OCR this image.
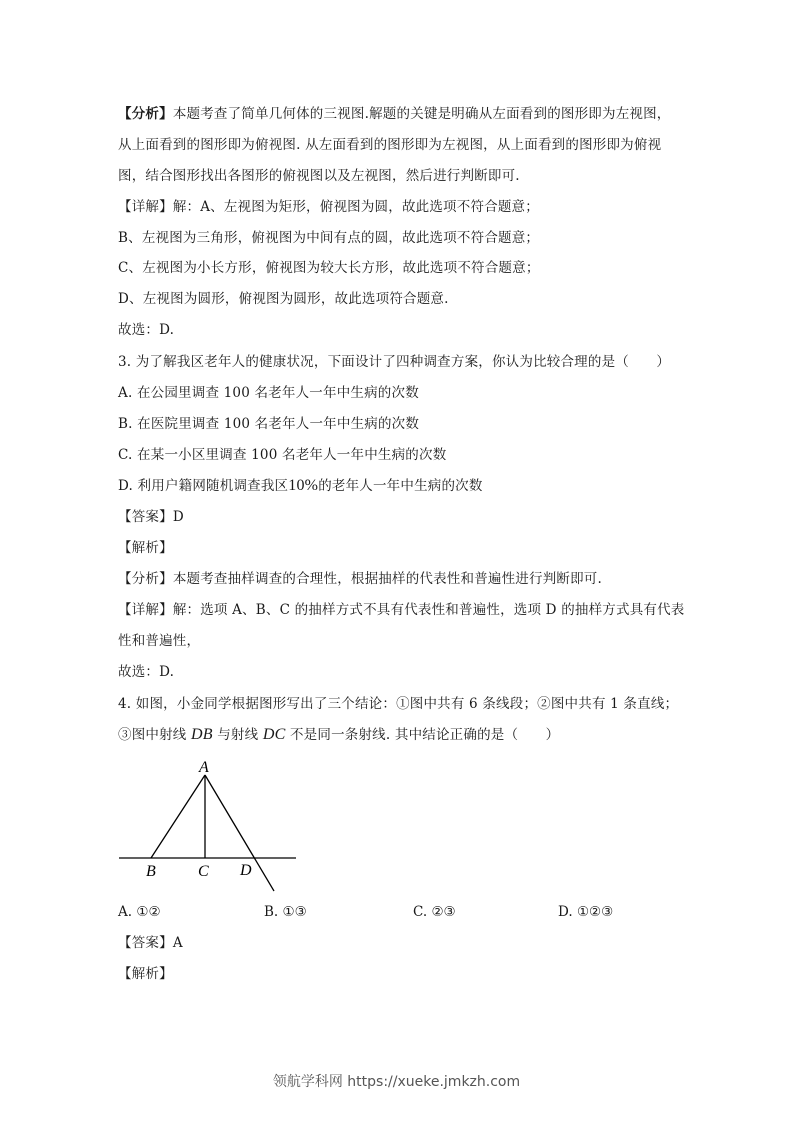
【分析】本题考查了简单几何体的三视图.解题的关键是明确从左面看到的图形即为左视图，
从上面看到的图形即为俯视图. 从左面看到的图形即为左视图，从上面看到的图形即为俯视
图，结合图形找出各图形的俯视图以及左视图，然后进行判断即可.
【详解】解：A、左视图为矩形，俯视图为圆，故此选项不符合题意；
B、左视图为三角形，俯视图为中间有点的圆，故此选项不符合题意；
C、左视图为小长方形，俯视图为较大长方形，故此选项不符合题意；
D、左视图为圆形，俯视图为圆形，故此选项符合题意.
故选：D.
3. 为了解我区老年人的健康状况，下面设计了四种调查方案，你认为比较合理的是（　　）
A. 在公园里调查 100 名老年人一年中生病的次数
B. 在医院里调查 100 名老年人一年中生病的次数
C. 在某一小区里调查 100 名老年人一年中生病的次数
D. 利用户籍网随机调查我区10%的老年人一年中生病的次数
【答案】D
【解析】
【分析】本题考查抽样调查的合理性，根据抽样的代表性和普遍性进行判断即可.
【详解】解：选项 A、B、C 的抽样方式不具有代表性和普遍性，选项 D 的抽样方式具有代表
性和普遍性，
故选：D.
4. 如图，小金同学根据图形写出了三个结论：①图中共有 6 条线段；②图中共有 1 条直线；
③图中射线 DB 与射线 DC 不是同一条射线. 其中结论正确的是（　　）
A
B	C D
A. ①②	B. ①③	C. ②③	D. ①②③
【答案】A
【解析】
领航学科网 https://xueke.jmkzh.com
